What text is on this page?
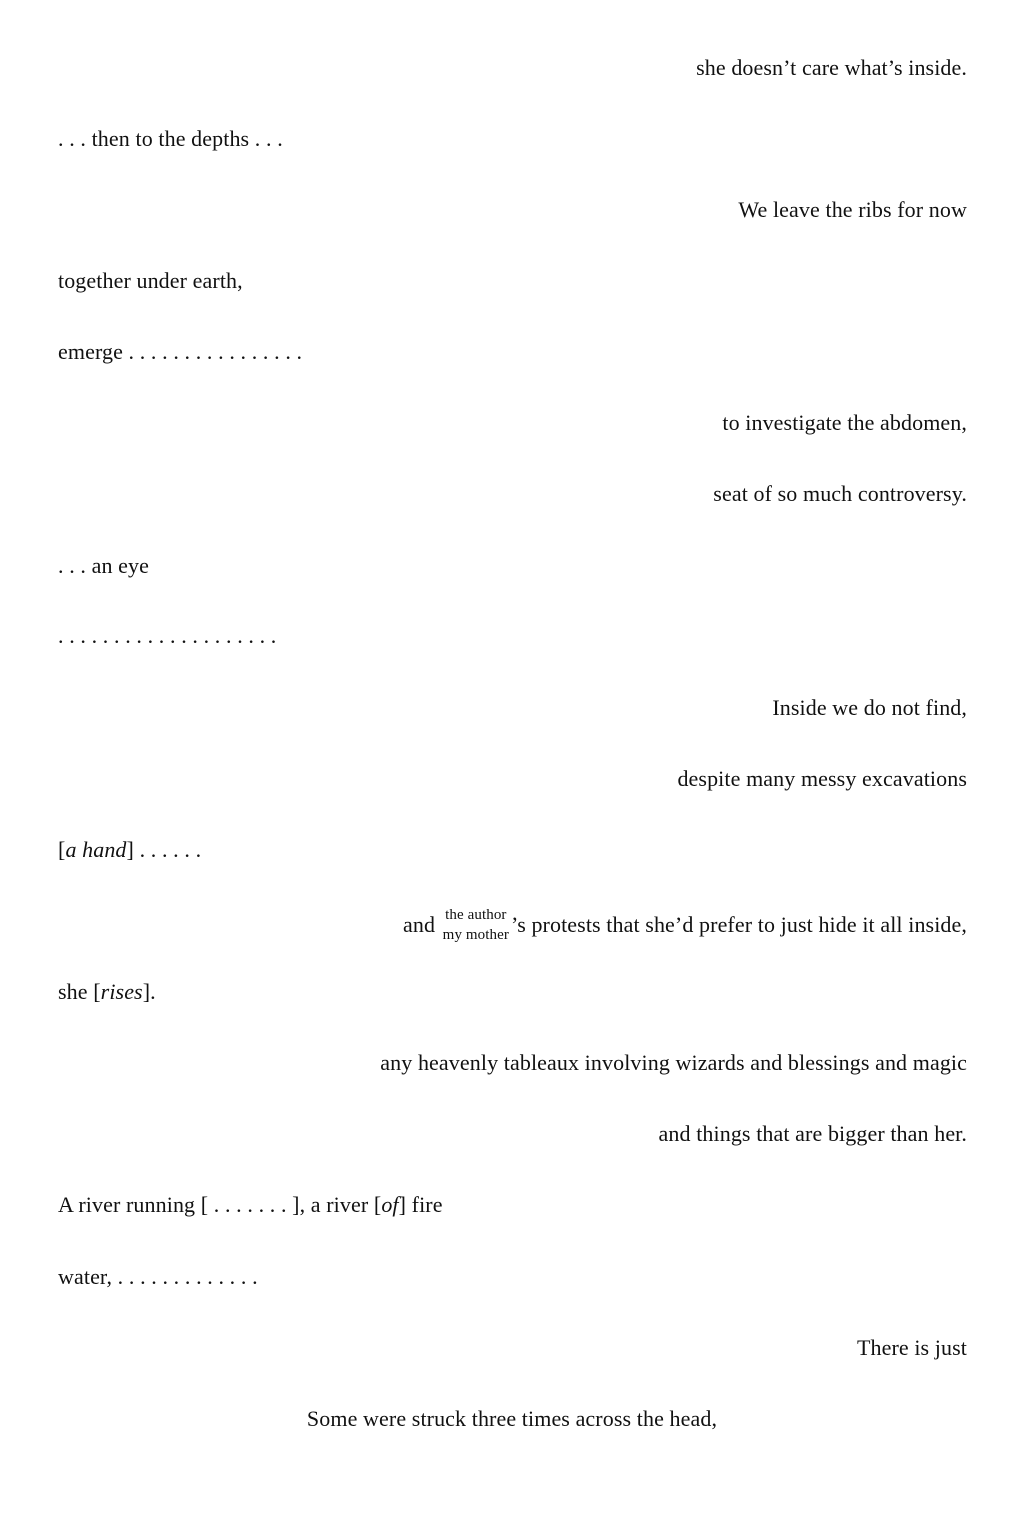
she doesn’t care what’s inside.
. . . then to the depths . . .
We leave the ribs for now
together under earth,
emerge . . . . . . . . . . . . . . . .
to investigate the abdomen,
seat of so much controversy.
. . . an eye
. . . . . . . . . . . . . . . . . . . .
Inside we do not find,
despite many messy excavations
[a hand] . . . . . .
and the author
my mother ’s protests that she’d prefer to just hide it all inside,
she [rises].
any heavenly tableaux involving wizards and blessings and magic
and things that are bigger than her.
A river running [ . . . . . . . ], a river [of] fire
water, . . . . . . . . . . . . .
There is just
Some were struck three times across the head,
